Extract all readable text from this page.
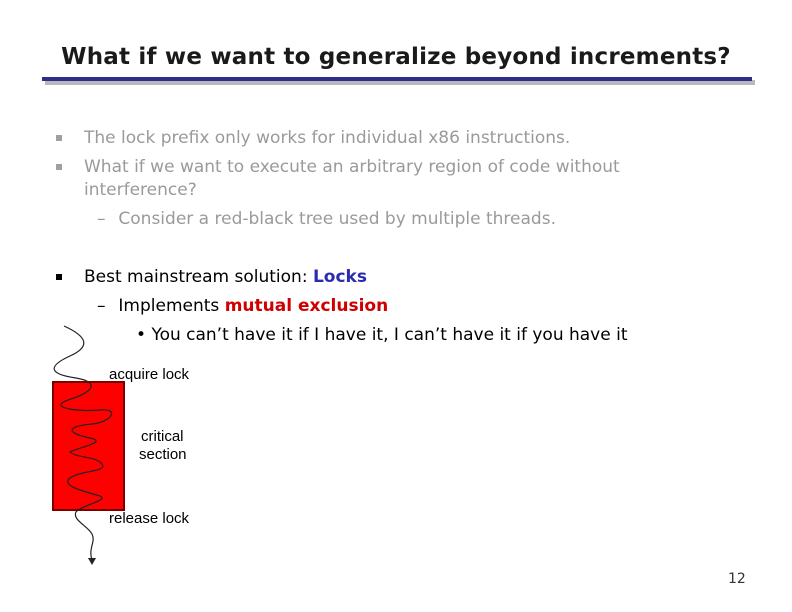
What if we want to generalize beyond increments?
The lock prefix only works for individual x86 instructions.
What if we want to execute an arbitrary region of code without
interference?
– Consider a red-black tree used by multiple threads.
Best mainstream solution: Locks
– Implements mutual exclusion
• You can’t have it if I have it, I can’t have it if you have it
acquire lock
critical
section
release lock
12
